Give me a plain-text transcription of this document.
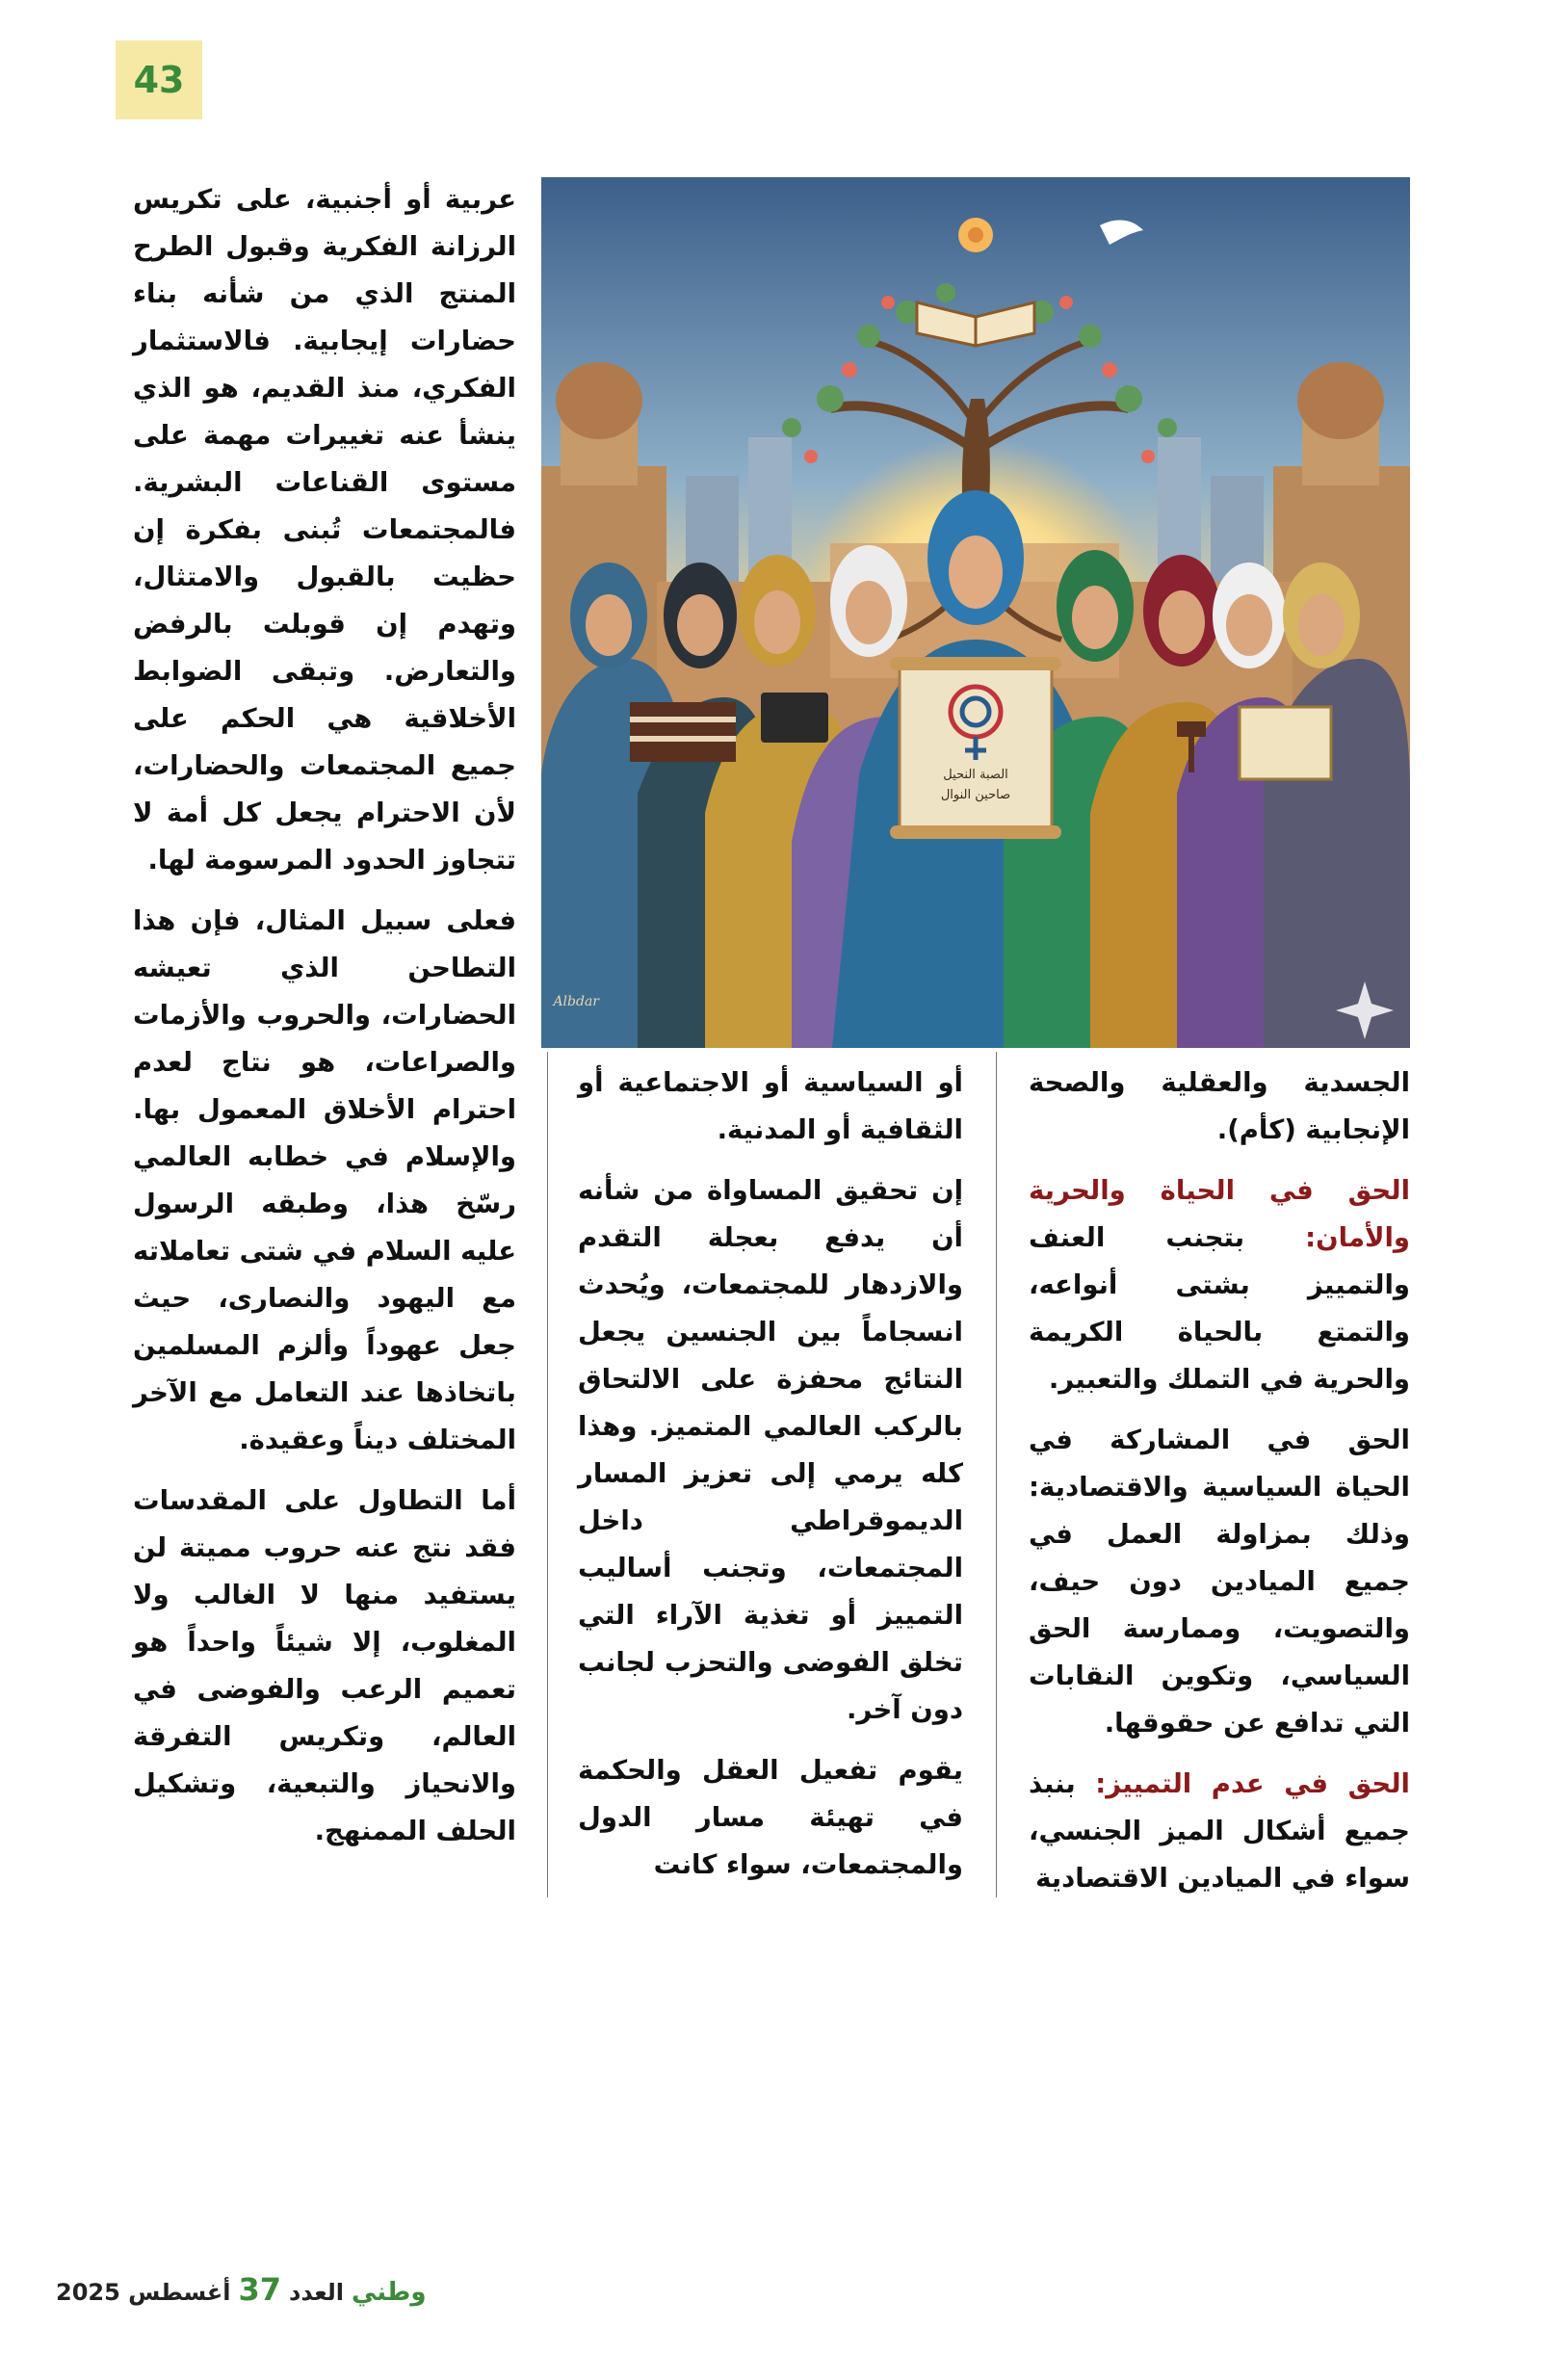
43
الصبة النحيل
صاحين النوال
Albdar

عربية أو أجنبية، على تكريس الرزانة الفكرية وقبول الطرح المنتج الذي من شأنه بناء حضارات إيجابية. فالاستثمار الفكري، منذ القديم، هو الذي ينشأ عنه تغييرات مهمة على مستوى القناعات البشرية. فالمجتمعات تُبنى بفكرة إن حظيت بالقبول والامتثال، وتهدم إن قوبلت بالرفض والتعارض. وتبقى الضوابط الأخلاقية هي الحكم على جميع المجتمعات والحضارات، لأن الاحترام يجعل كل أمة لا تتجاوز الحدود المرسومة لها.

فعلى سبيل المثال، فإن هذا التطاحن الذي تعيشه الحضارات، والحروب والأزمات والصراعات، هو نتاج لعدم احترام الأخلاق المعمول بها. والإسلام في خطابه العالمي رسّخ هذا، وطبقه الرسول عليه السلام في شتى تعاملاته مع اليهود والنصارى، حيث جعل عهوداً وألزم المسلمين باتخاذها عند التعامل مع الآخر المختلف ديناً وعقيدة.

أما التطاول على المقدسات فقد نتج عنه حروب مميتة لن يستفيد منها لا الغالب ولا المغلوب، إلا شيئاً واحداً هو تعميم الرعب والفوضى في العالم، وتكريس التفرقة والانحياز والتبعية، وتشكيل الحلف الممنهج.

أو السياسية أو الاجتماعية أو الثقافية أو المدنية.

إن تحقيق المساواة من شأنه أن يدفع بعجلة التقدم والازدهار للمجتمعات، ويُحدث انسجاماً بين الجنسين يجعل النتائج محفزة على الالتحاق بالركب العالمي المتميز. وهذا كله يرمي إلى تعزيز المسار الديموقراطي داخل المجتمعات، وتجنب أساليب التمييز أو تغذية الآراء التي تخلق الفوضى والتحزب لجانب دون آخر.

يقوم تفعيل العقل والحكمة في تهيئة مسار الدول والمجتمعات، سواء كانت

الجسدية والعقلية والصحة الإنجابية (كأم).

الحق في الحياة والحرية والأمان: بتجنب العنف والتمييز بشتى أنواعه، والتمتع بالحياة الكريمة والحرية في التملك والتعبير.

الحق في المشاركة في الحياة السياسية والاقتصادية: وذلك بمزاولة العمل في جميع الميادين دون حيف، والتصويت، وممارسة الحق السياسي، وتكوين النقابات التي تدافع عن حقوقها.

الحق في عدم التمييز: بنبذ جميع أشكال الميز الجنسي، سواء في الميادين الاقتصادية

وطني
العدد
37
أغسطس 2025
